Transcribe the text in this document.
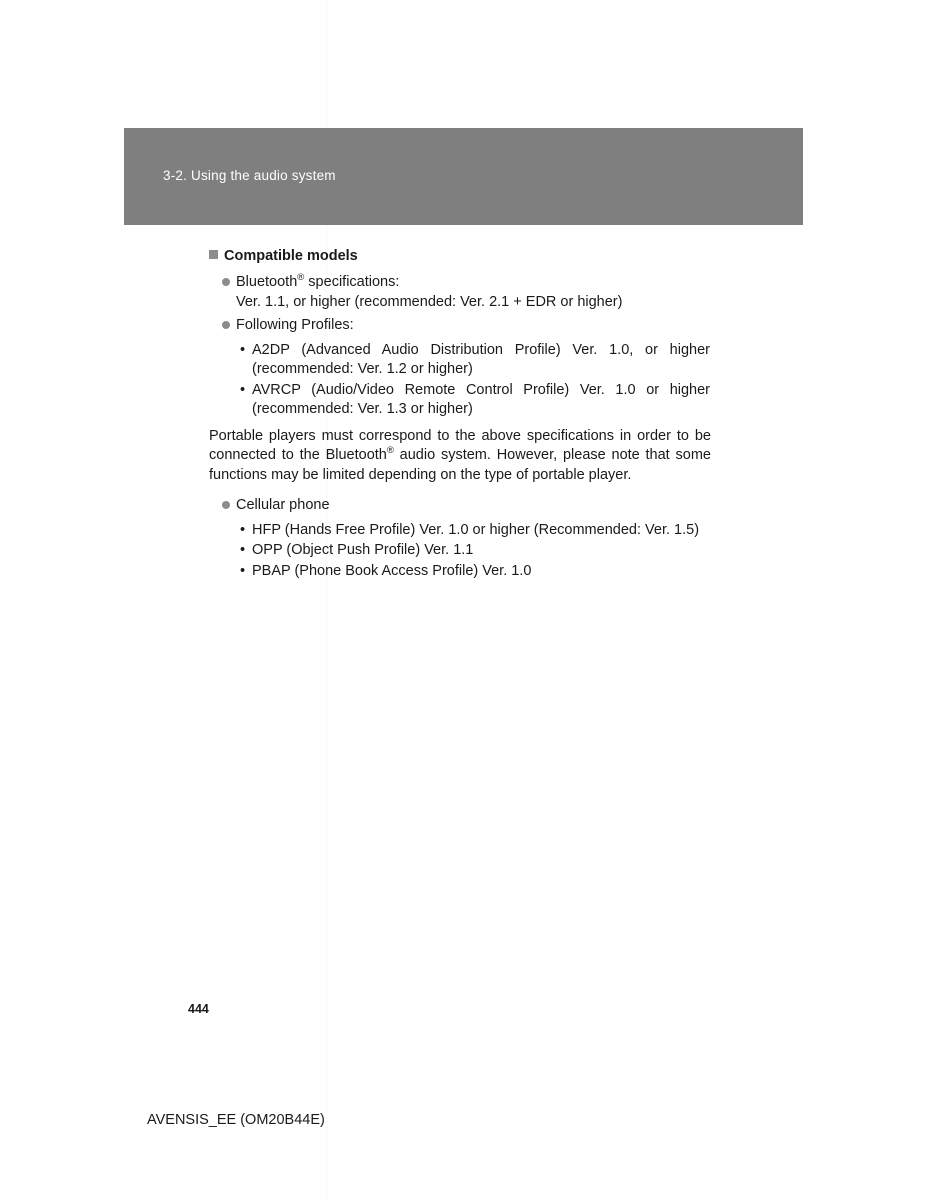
3-2. Using the audio system
Compatible models
Bluetooth® specifications:
Ver. 1.1, or higher (recommended: Ver. 2.1 + EDR or higher)
Following Profiles:
• A2DP (Advanced Audio Distribution Profile) Ver. 1.0, or higher (recommended: Ver. 1.2 or higher)
• AVRCP (Audio/Video Remote Control Profile) Ver. 1.0 or higher (recommended: Ver. 1.3 or higher)

Portable players must correspond to the above specifications in order to be connected to the Bluetooth® audio system. However, please note that some functions may be limited depending on the type of portable player.

Cellular phone
• HFP (Hands Free Profile) Ver. 1.0 or higher (Recommended: Ver. 1.5)
• OPP (Object Push Profile) Ver. 1.1
• PBAP (Phone Book Access Profile) Ver. 1.0
444
AVENSIS_EE (OM20B44E)
